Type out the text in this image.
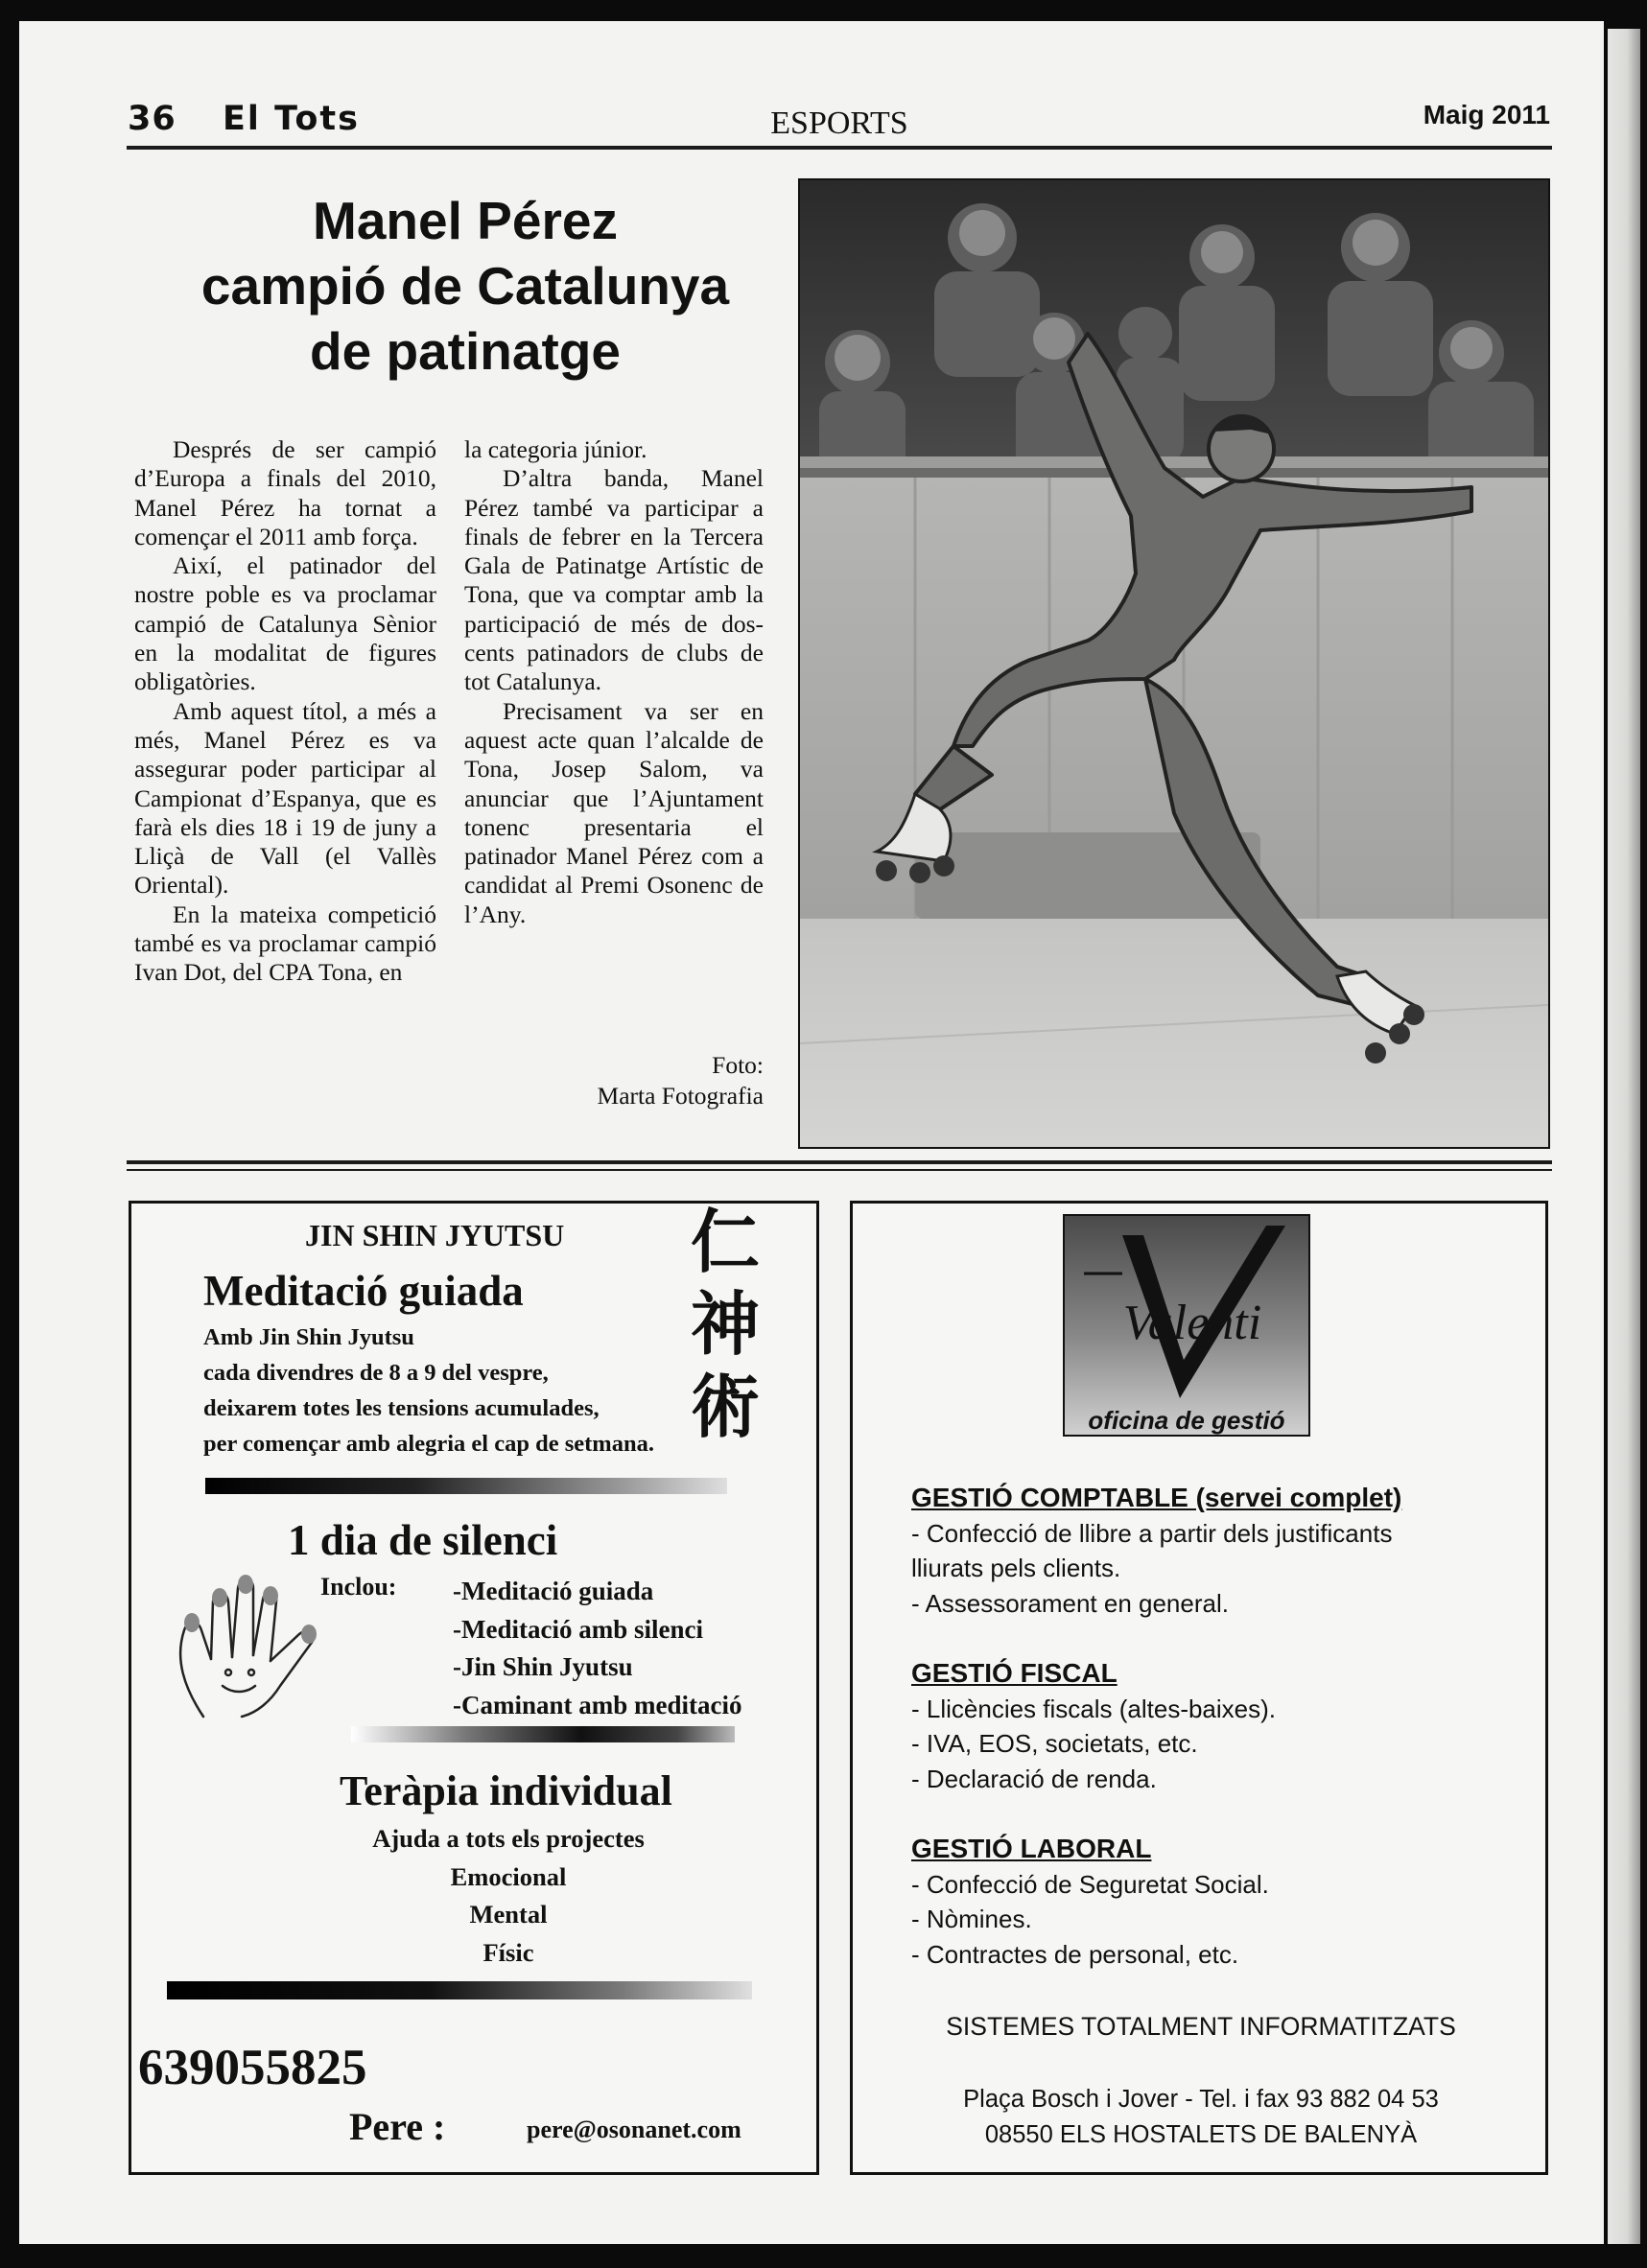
36 El Tots	ESPORTS	Maig 2011
Manel Pérez
campió de Catalunya
de patinatge

Després de ser campió d’Europa a finals del 2010, Manel Pérez ha tornat a començar el 2011 amb força.

Així, el patinador del nostre poble es va proclamar campió de Catalunya Sènior en la modalitat de figures obligatòries.

Amb aquest títol, a més a més, Manel Pérez es va assegurar poder participar al Campionat d’Espanya, que es farà els dies 18 i 19 de juny a Lliçà de Vall (el Vallès Oriental).

En la mateixa competició també es va proclamar campió Ivan Dot, del CPA Tona, en

la categoria júnior.

D’altra banda, Manel Pérez també va participar a finals de febrer en la Tercera Gala de Patinatge Artístic de Tona, que va comptar amb la participació de més de dos-cents patinadors de clubs de tot Catalunya.

Precisament va ser en aquest acte quan l’alcalde de Tona, Josep Salom, va anunciar que l’Ajuntament tonenc presentaria el patinador Manel Pérez com a candidat al Premi Osonenc de l’Any.

Foto:
Marta Fotografia
JIN SHIN JYUTSU 仁
神
術
Meditació guiada
Amb Jin Shin Jyutsu
cada divendres de 8 a 9 del vespre,
deixarem totes les tensions acumulades,
per començar amb alegria el cap de setmana.
1 dia de silenci
Inclou: -Meditació guiada
-Meditació amb silenci
-Jin Shin Jyutsu
-Caminant amb meditació
Teràpia individual
Ajuda a tots els projectes
Emocional
Mental
Físic
639055825
Pere :	pere@osonanet.com
Valenti
oficina de gestió
GESTIÓ COMPTABLE (servei complet)
- Confecció de llibre a partir dels justificants
lliurats pels clients.
- Assessorament en general.
GESTIÓ FISCAL
- Llicències fiscals (altes-baixes).
- IVA, EOS, societats, etc.
- Declaració de renda.
GESTIÓ LABORAL
- Confecció de Seguretat Social.
- Nòmines.
- Contractes de personal, etc.
SISTEMES TOTALMENT INFORMATITZATS
Plaça Bosch i Jover - Tel. i fax 93 882 04 53
08550 ELS HOSTALETS DE BALENYÀ
